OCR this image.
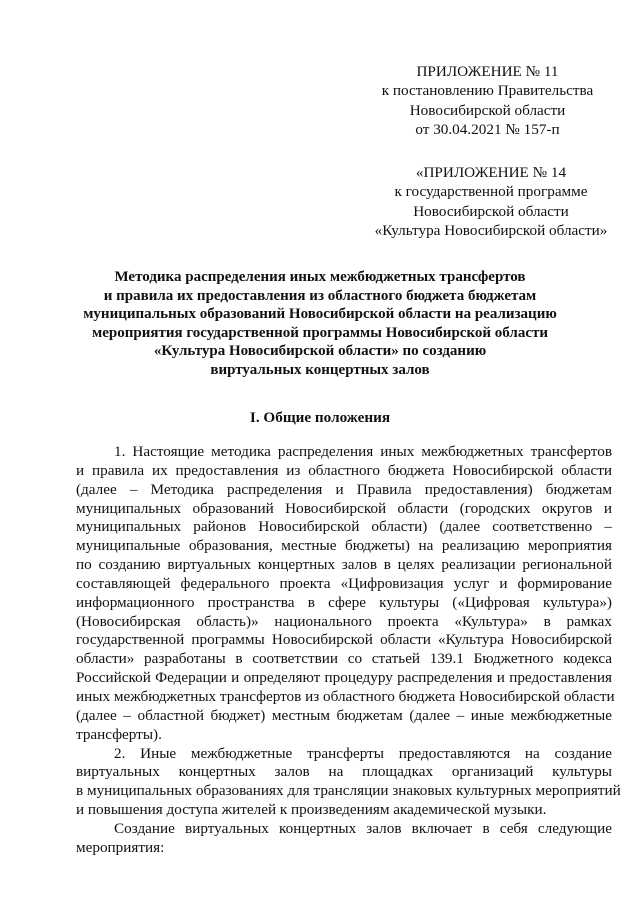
ПРИЛОЖЕНИЕ № 11
к постановлению Правительства
Новосибирской области
от 30.04.2021 № 157-п
«ПРИЛОЖЕНИЕ № 14
к государственной программе
Новосибирской области
«Культура Новосибирской области»
Методика распределения иных межбюджетных трансфертов
и правила их предоставления из областного бюджета бюджетам
муниципальных образований Новосибирской области на реализацию
мероприятия государственной программы Новосибирской области
«Культура Новосибирской области» по созданию
виртуальных концертных залов
I. Общие положения
1. Настоящие методика распределения иных межбюджетных трансфертов
и правила их предоставления из областного бюджета Новосибирской области
(далее – Методика распределения и Правила предоставления) бюджетам
муниципальных образований Новосибирской области (городских округов и
муниципальных районов Новосибирской области) (далее соответственно –
муниципальные образования, местные бюджеты) на реализацию мероприятия
по созданию виртуальных концертных залов в целях реализации региональной
составляющей федерального проекта «Цифровизация услуг и формирование
информационного пространства в сфере культуры («Цифровая культура»)
(Новосибирская область)» национального проекта «Культура» в рамках
государственной программы Новосибирской области «Культура Новосибирской
области» разработаны в соответствии со статьей 139.1 Бюджетного кодекса
Российской Федерации и определяют процедуру распределения и предоставления
иных межбюджетных трансфертов из областного бюджета Новосибирской области
(далее – областной бюджет) местным бюджетам (далее – иные межбюджетные
трансферты).
2. Иные межбюджетные трансферты предоставляются на создание
виртуальных концертных залов на площадках организаций культуры
в муниципальных образованиях для трансляции знаковых культурных мероприятий
и повышения доступа жителей к произведениям академической музыки.
Создание виртуальных концертных залов включает в себя следующие
мероприятия:
